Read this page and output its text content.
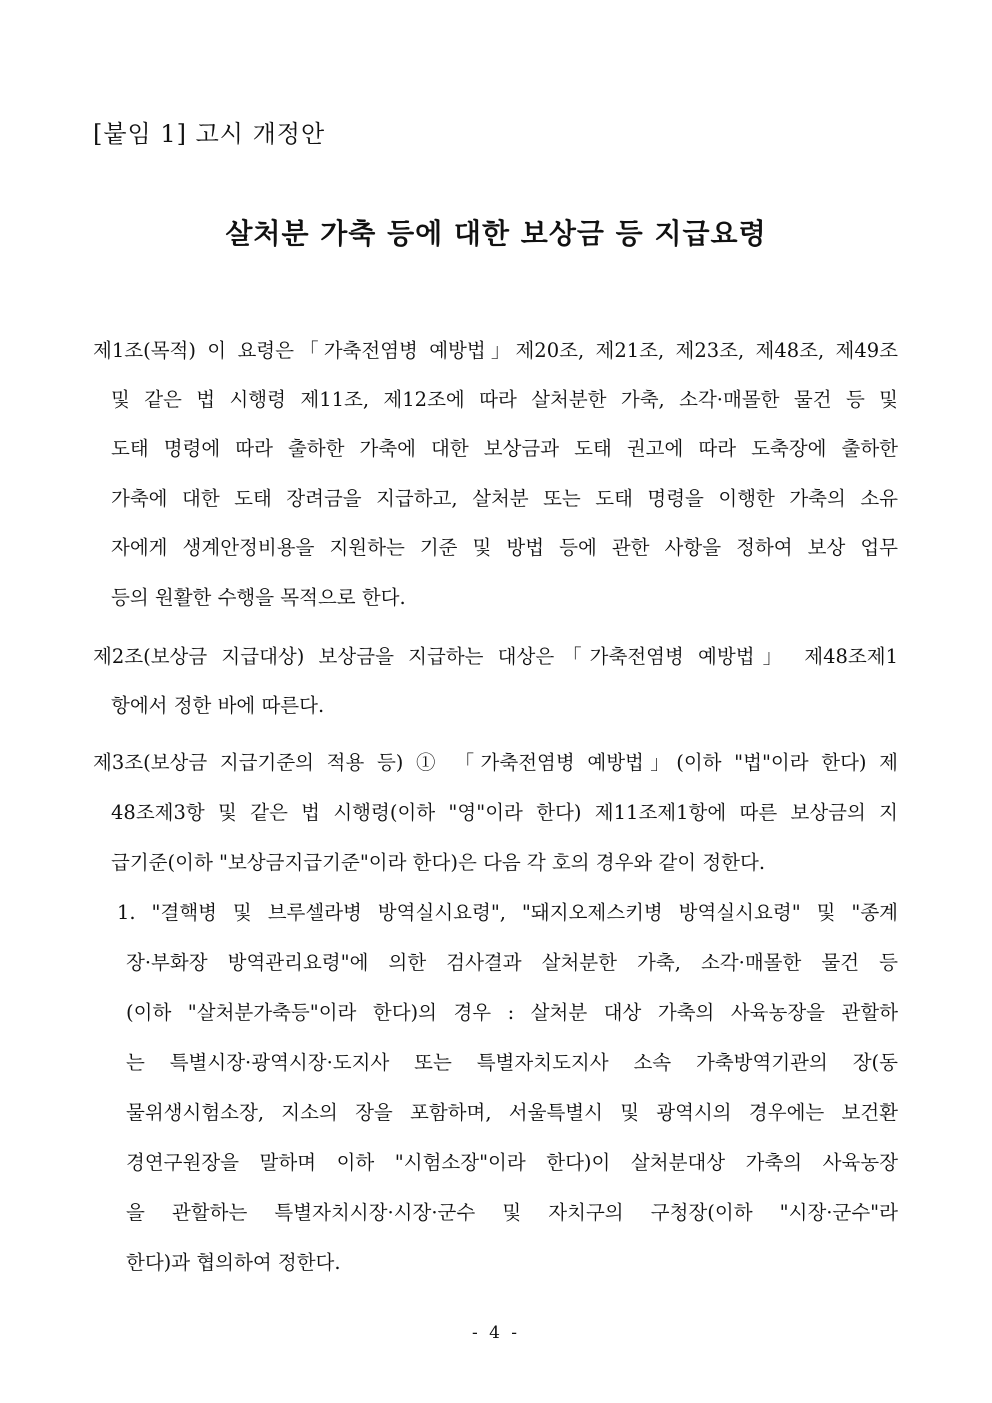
[붙임 1] 고시 개정안
살처분 가축 등에 대한 보상금 등 지급요령
제1조(목적) 이 요령은「가축전염병 예방법」제20조, 제21조, 제23조, 제48조, 제49조
및 같은 법 시행령 제11조, 제12조에 따라 살처분한 가축, 소각·매몰한 물건 등 및
도태 명령에 따라 출하한 가축에 대한 보상금과 도태 권고에 따라 도축장에 출하한
가축에 대한 도태 장려금을 지급하고, 살처분 또는 도태 명령을 이행한 가축의 소유
자에게 생계안정비용을 지원하는 기준 및 방법 등에 관한 사항을 정하여 보상 업무
등의 원활한 수행을 목적으로 한다.
제2조(보상금 지급대상) 보상금을 지급하는 대상은「가축전염병 예방법」 제48조제1
항에서 정한 바에 따른다.
제3조(보상금 지급기준의 적용 등) ① 「가축전염병 예방법」(이하 "법"이라 한다) 제
48조제3항 및 같은 법 시행령(이하 "영"이라 한다) 제11조제1항에 따른 보상금의 지
급기준(이하 "보상금지급기준"이라 한다)은 다음 각 호의 경우와 같이 정한다.
1. "결핵병 및 브루셀라병 방역실시요령", "돼지오제스키병 방역실시요령" 및 "종계
장·부화장 방역관리요령"에 의한 검사결과 살처분한 가축, 소각·매몰한 물건 등
(이하 "살처분가축등"이라 한다)의 경우 : 살처분 대상 가축의 사육농장을 관할하
는 특별시장·광역시장·도지사 또는 특별자치도지사 소속 가축방역기관의 장(동
물위생시험소장, 지소의 장을 포함하며, 서울특별시 및 광역시의 경우에는 보건환
경연구원장을 말하며 이하 "시험소장"이라 한다)이 살처분대상 가축의 사육농장
을 관할하는 특별자치시장·시장·군수 및 자치구의 구청장(이하 "시장·군수"라
한다)과 협의하여 정한다.
- 4 -
